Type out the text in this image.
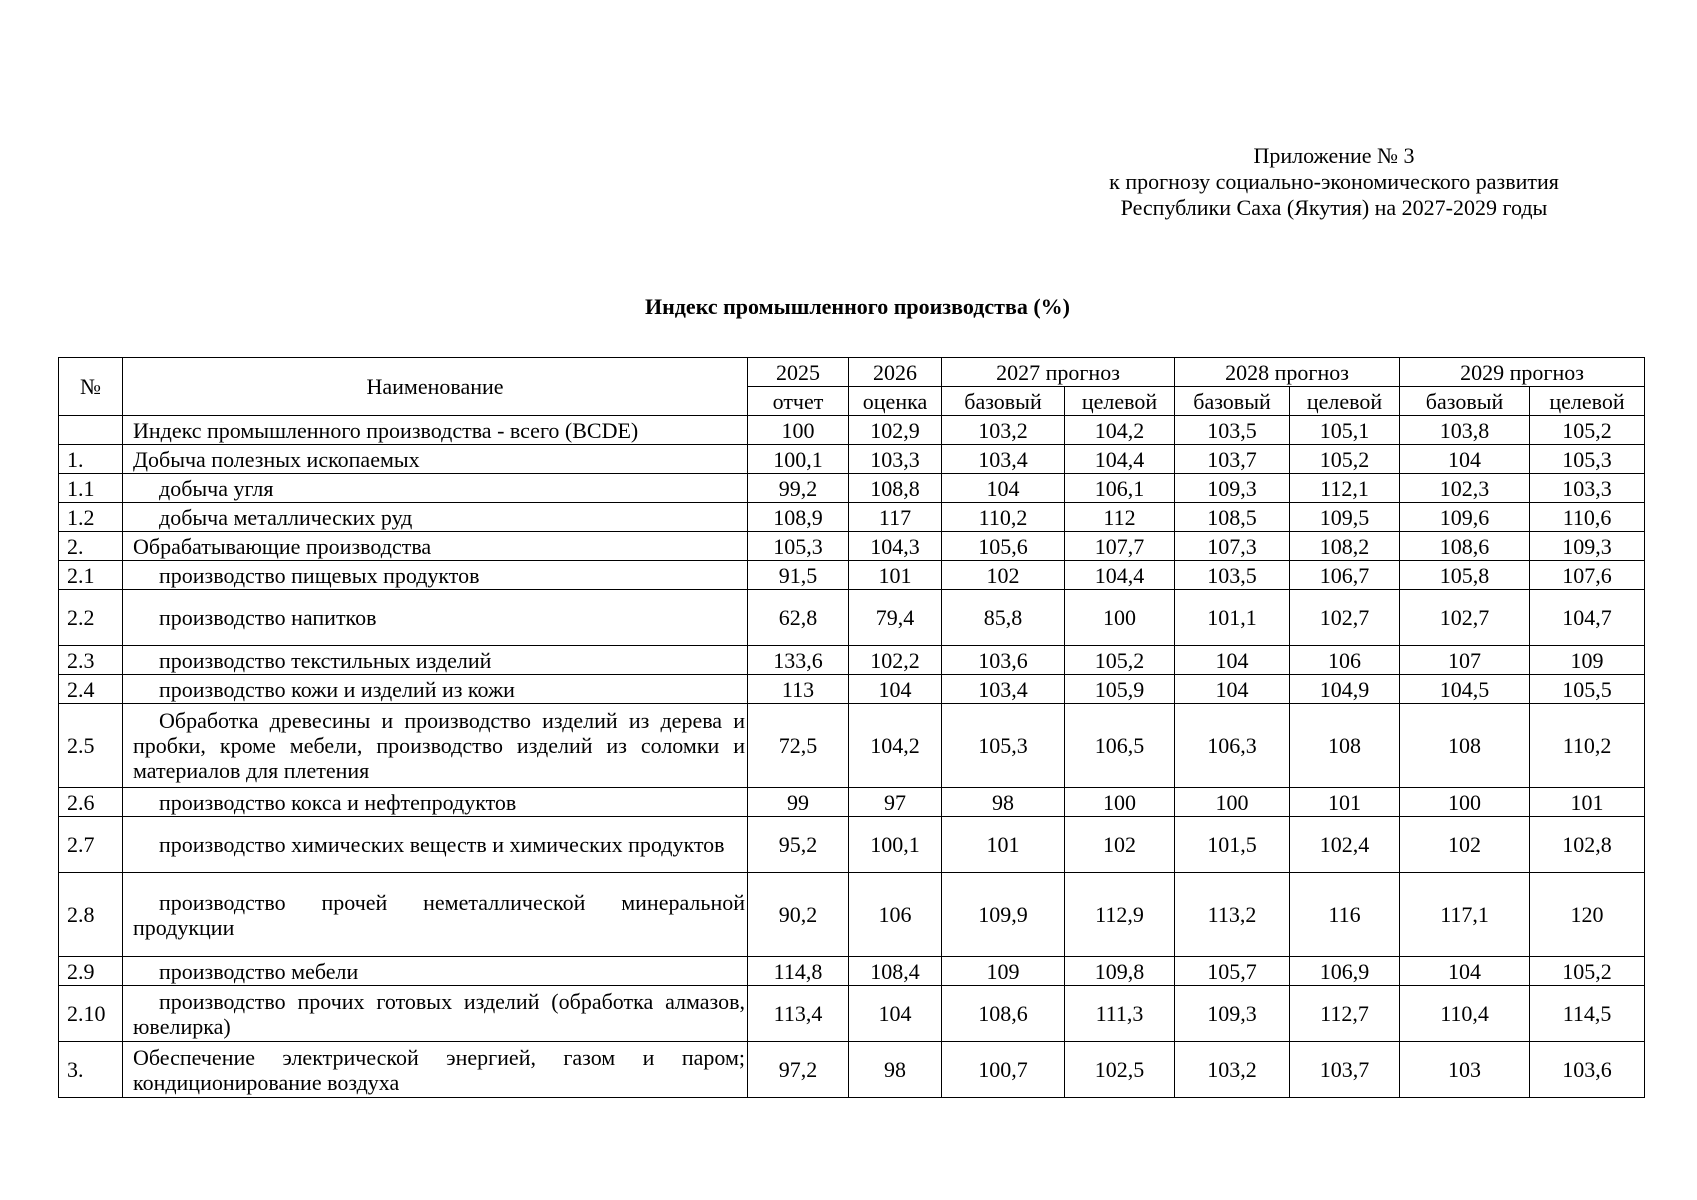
Приложение № 3
к прогнозу социально-экономического развития
Республики Саха (Якутия) на 2027-2029 годы
Индекс промышленного производства (%)
№	Наименование	2025	2026	2027 прогноз		2028 прогноз		2029 прогноз	
		отчет	оценка	базовый	целевой	базовый	целевой	базовый	целевой
	Индекс промышленного производства - всего (BCDE)	100	102,9	103,2	104,2	103,5	105,1	103,8	105,2
1.	Добыча полезных ископаемых	100,1	103,3	103,4	104,4	103,7	105,2	104	105,3
1.1	добыча угля	99,2	108,8	104	106,1	109,3	112,1	102,3	103,3
1.2	добыча металлических руд	108,9	117	110,2	112	108,5	109,5	109,6	110,6
2.	Обрабатывающие производства	105,3	104,3	105,6	107,7	107,3	108,2	108,6	109,3
2.1	производство пищевых продуктов	91,5	101	102	104,4	103,5	106,7	105,8	107,6
2.2	производство напитков	62,8	79,4	85,8	100	101,1	102,7	102,7	104,7
2.3	производство текстильных изделий	133,6	102,2	103,6	105,2	104	106	107	109
2.4	производство кожи и изделий из кожи	113	104	103,4	105,9	104	104,9	104,5	105,5
2.5	Обработка древесины и производство изделий из дерева и пробки, кроме мебели, производство изделий из соломки и материалов для плетения	72,5	104,2	105,3	106,5	106,3	108	108	110,2
2.6	производство кокса и нефтепродуктов	99	97	98	100	100	101	100	101
2.7	производство химических веществ и химических продуктов	95,2	100,1	101	102	101,5	102,4	102	102,8
2.8	производство прочей неметаллической минеральной продукции	90,2	106	109,9	112,9	113,2	116	117,1	120
2.9	производство мебели	114,8	108,4	109	109,8	105,7	106,9	104	105,2
2.10	производство прочих готовых изделий (обработка алмазов, ювелирка)	113,4	104	108,6	111,3	109,3	112,7	110,4	114,5
3.	Обеспечение электрической энергией, газом и паром; кондиционирование воздуха	97,2	98	100,7	102,5	103,2	103,7	103	103,6
